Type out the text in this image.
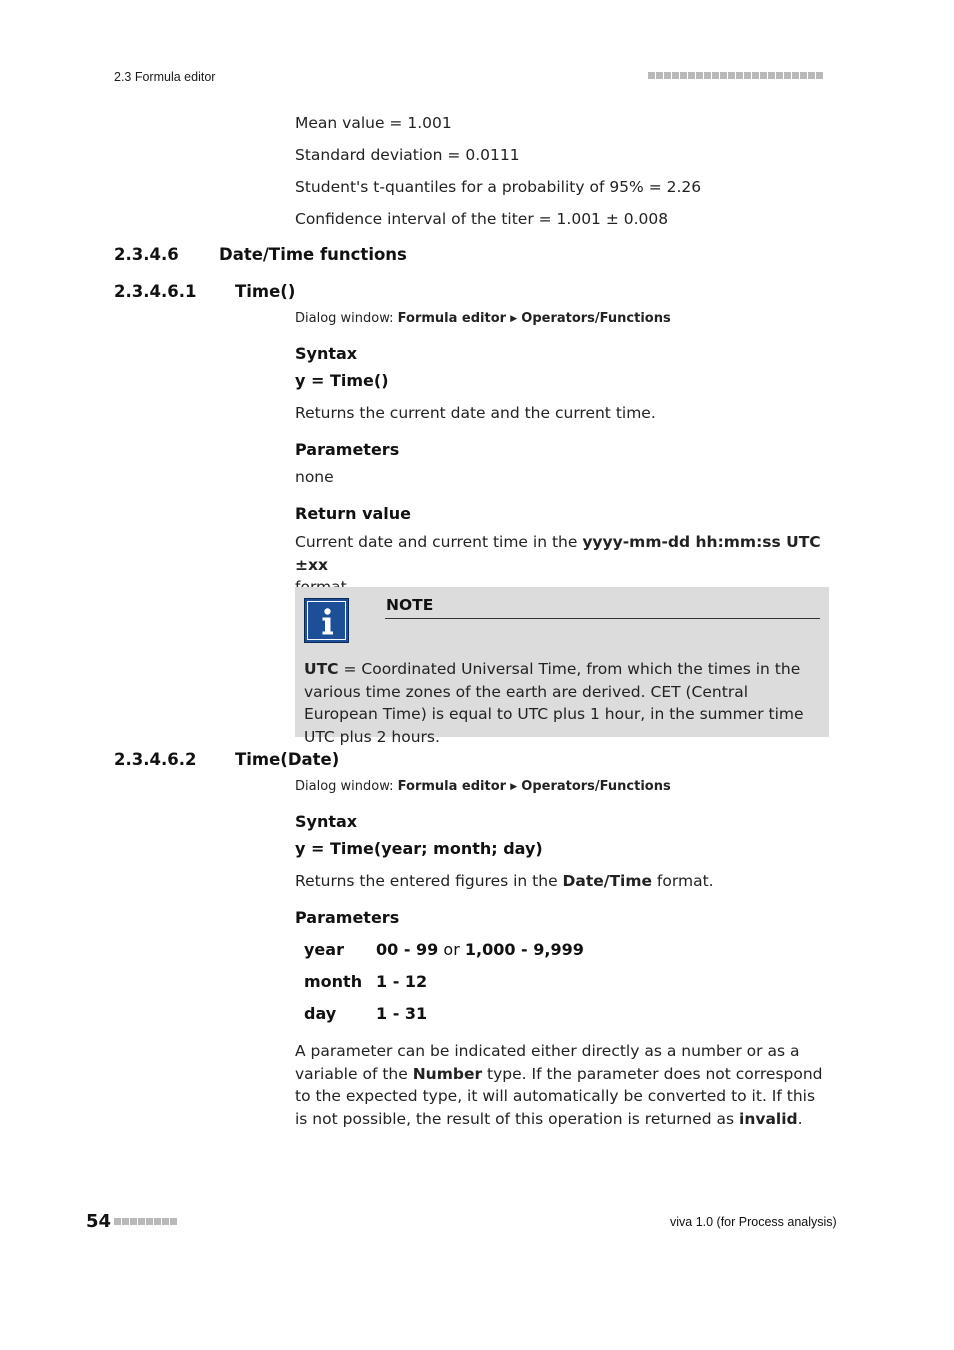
2.3 Formula editor
Mean value = 1.001
Standard deviation = 0.0111
Student's t-quantiles for a probability of 95% = 2.26
Confidence interval of the titer = 1.001 ± 0.008
2.3.4.6 Date/Time functions
2.3.4.6.1 Time()
Dialog window: Formula editor ▶ Operators/Functions
Syntax
y = Time()
Returns the current date and the current time.
Parameters
none
Return value
Current date and current time in the yyyy-mm-dd hh:mm:ss UTC ±xx

NOTE
UTC = Coordinated Universal Time, from which the times in the various time zones of the earth are derived. CET (Central European Time) is equal to UTC plus 1 hour, in the summer time UTC plus 2 hours.
2.3.4.6.2 Time(Date)
Dialog window: Formula editor ▶ Operators/Functions
Syntax
y = Time(year; month; day)
Returns the entered figures in the Date/Time format.
Parameters
year 00 - 99 or 1,000 - 9,999
month 1 - 12
day 1 - 31
A parameter can be indicated either directly as a number or as a variable of the Number type. If the parameter does not correspond to the expected type, it will automatically be converted to it. If this is not possible, the result of this operation is returned as invalid.
54	viva 1.0 (for Process analysis)
